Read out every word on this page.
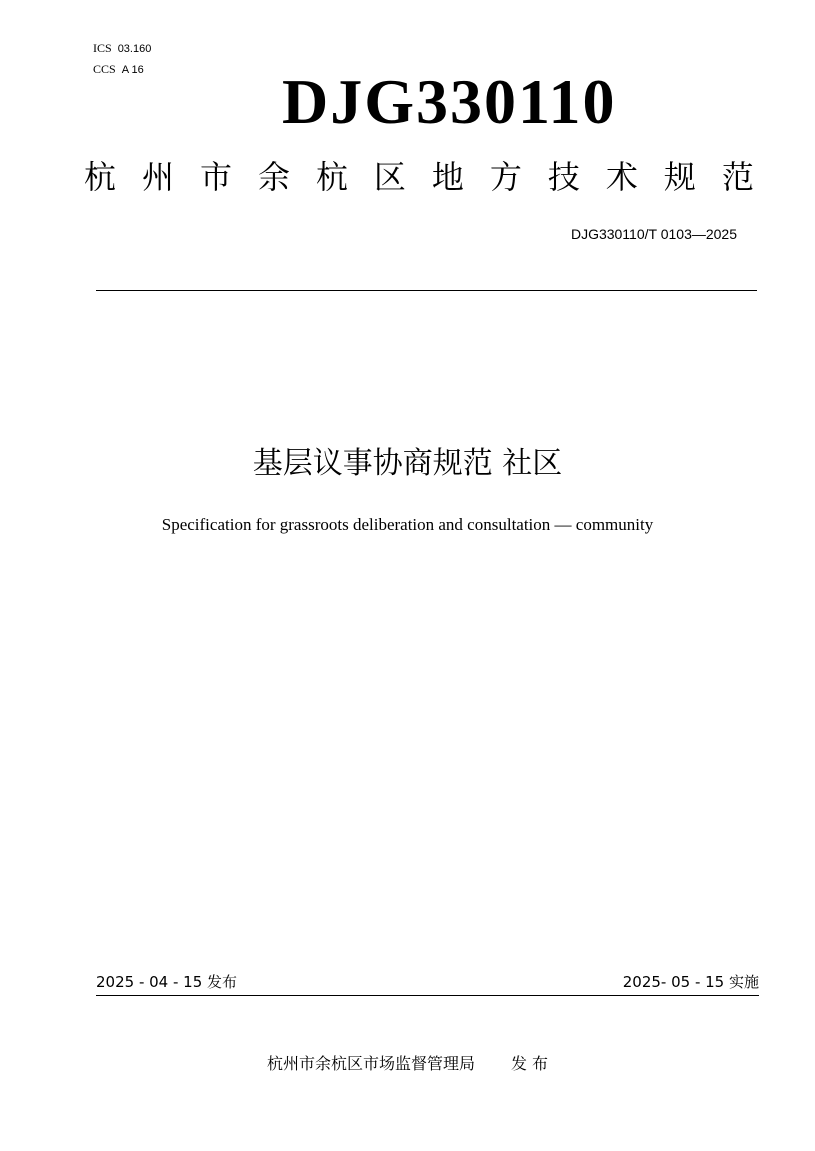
ICS 03.160
CCS A 16 DJG330110
杭 州 市 余 杭 区 地 方 技 术 规 范
DJG330110/T 0103—2025
基层议事协商规范 社区
Specification for grassroots deliberation and consultation — community
2025 - 04 - 15 发布	2025- 05 - 15 实施
杭州市余杭区市场监督管理局 发 布
